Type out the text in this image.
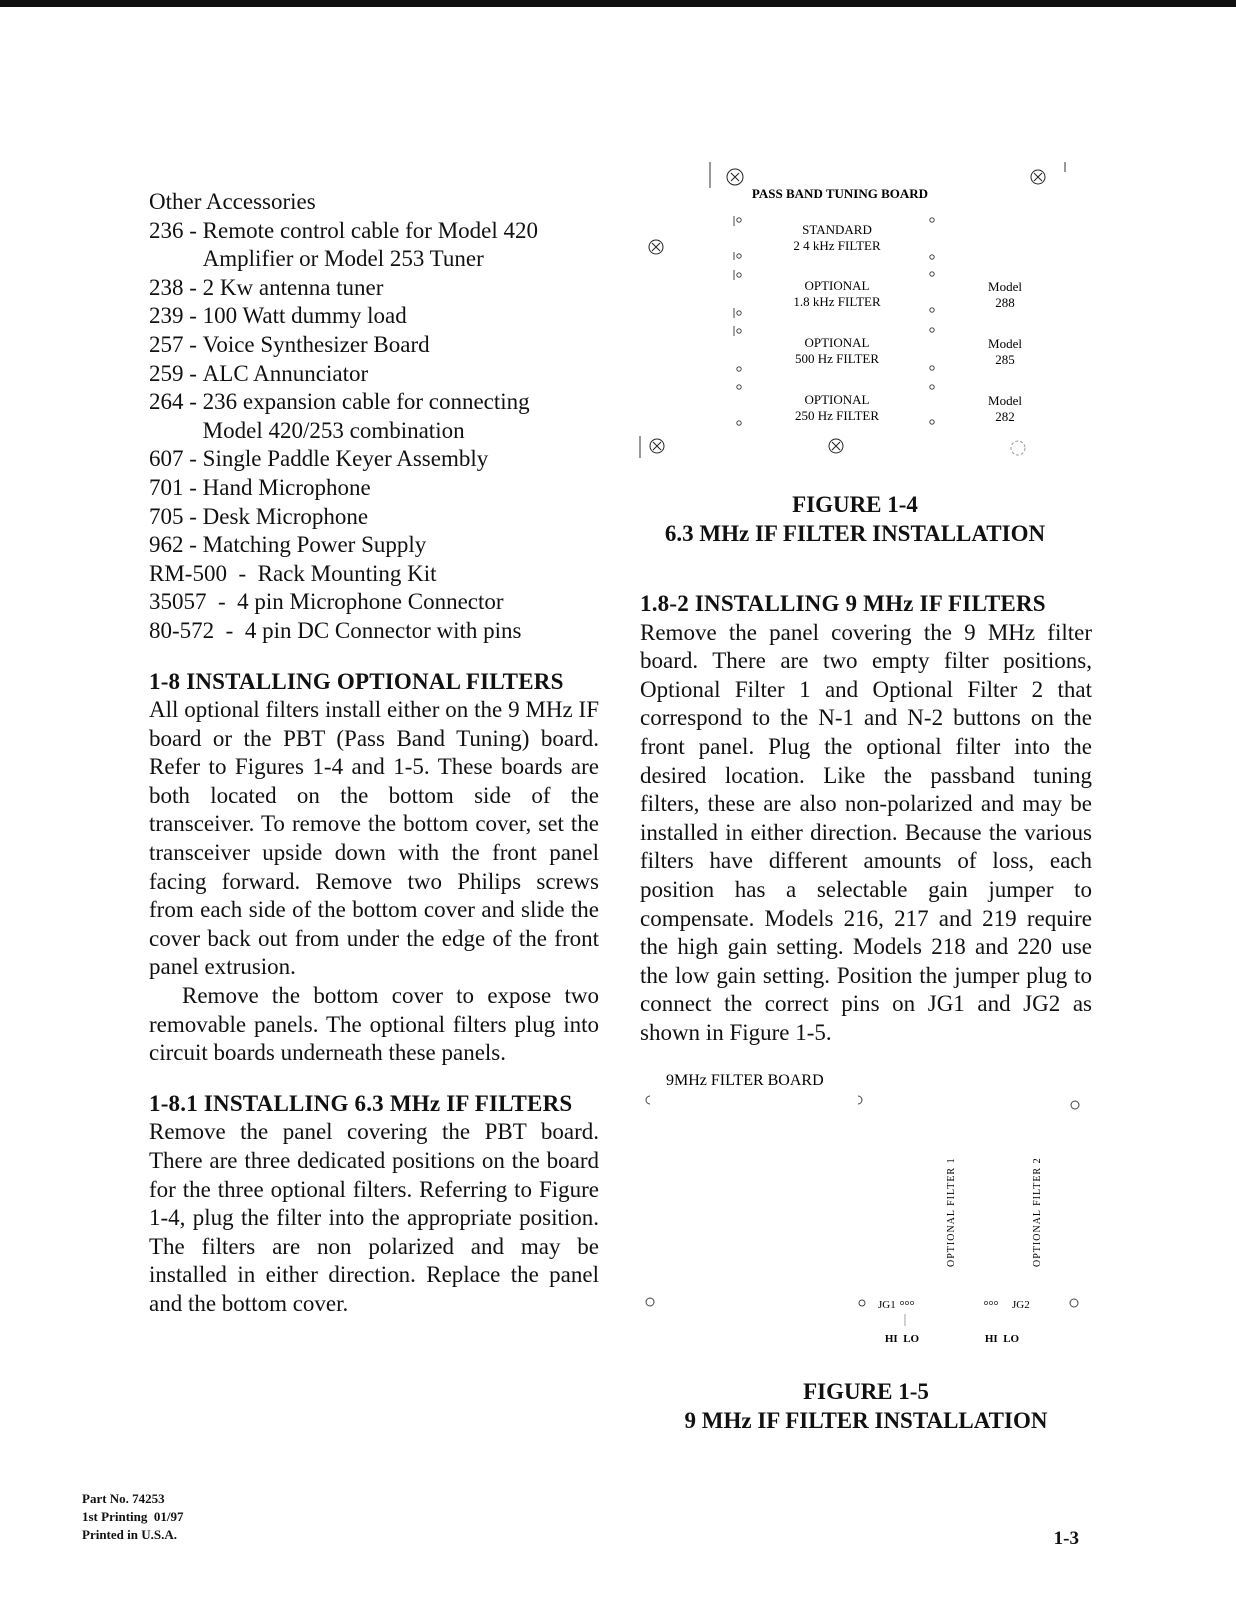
Other Accessories

236 - Remote control cable for Model 420
Amplifier or Model 253 Tuner
238 - 2 Kw antenna tuner
239 - 100 Watt dummy load
257 - Voice Synthesizer Board
259 - ALC Annunciator
264 - 236 expansion cable for connecting
Model 420/253 combination
607 - Single Paddle Keyer Assembly
701 - Hand Microphone
705 - Desk Microphone
962 - Matching Power Supply
RM-500 - Rack Mounting Kit
35057 - 4 pin Microphone Connector
80-572 - 4 pin DC Connector with pins

1-8 INSTALLING OPTIONAL FILTERS

All optional filters install either on the 9 MHz IF board or the PBT (Pass Band Tuning) board. Refer to Figures 1-4 and 1-5. These boards are both located on the bottom side of the transceiver. To remove the bottom cover, set the transceiver upside down with the front panel facing forward. Remove two Philips screws from each side of the bottom cover and slide the cover back out from under the edge of the front panel extrusion.

Remove the bottom cover to expose two removable panels. The optional filters plug into circuit boards underneath these panels.

1-8.1 INSTALLING 6.3 MHz IF FILTERS

Remove the panel covering the PBT board. There are three dedicated positions on the board for the three optional filters. Referring to Figure 1-4, plug the filter into the appropriate position. The filters are non polarized and may be installed in either direction. Replace the panel and the bottom cover.

PASS BAND TUNING BOARD
STANDARD
2 4 kHz FILTER
OPTIONAL
1.8 kHz FILTER
OPTIONAL
500 Hz FILTER
OPTIONAL
250 Hz FILTER
Model
288
Model
285
Model
282
FIGURE 1-4
6.3 MHz IF FILTER INSTALLATION

1.8-2 INSTALLING 9 MHz IF FILTERS

Remove the panel covering the 9 MHz filter board. There are two empty filter positions, Optional Filter 1 and Optional Filter 2 that correspond to the N-1 and N-2 buttons on the front panel. Plug the optional filter into the desired location. Like the passband tuning filters, these are also non-polarized and may be installed in either direction. Because the various filters have different amounts of loss, each position has a selectable gain jumper to compensate. Models 216, 217 and 219 require the high gain setting. Models 218 and 220 use the low gain setting. Position the jumper plug to connect the correct pins on JG1 and JG2 as shown in Figure 1-5.

9MHz FILTER BOARD
OPTIONAL FILTER 1	OPTIONAL FILTER 2
JG1	JG2
HI  LO	HI  LO
FIGURE 1-5
9 MHz IF FILTER INSTALLATION
Part No. 74253
1st Printing  01/97
Printed in U.S.A.	1-3
